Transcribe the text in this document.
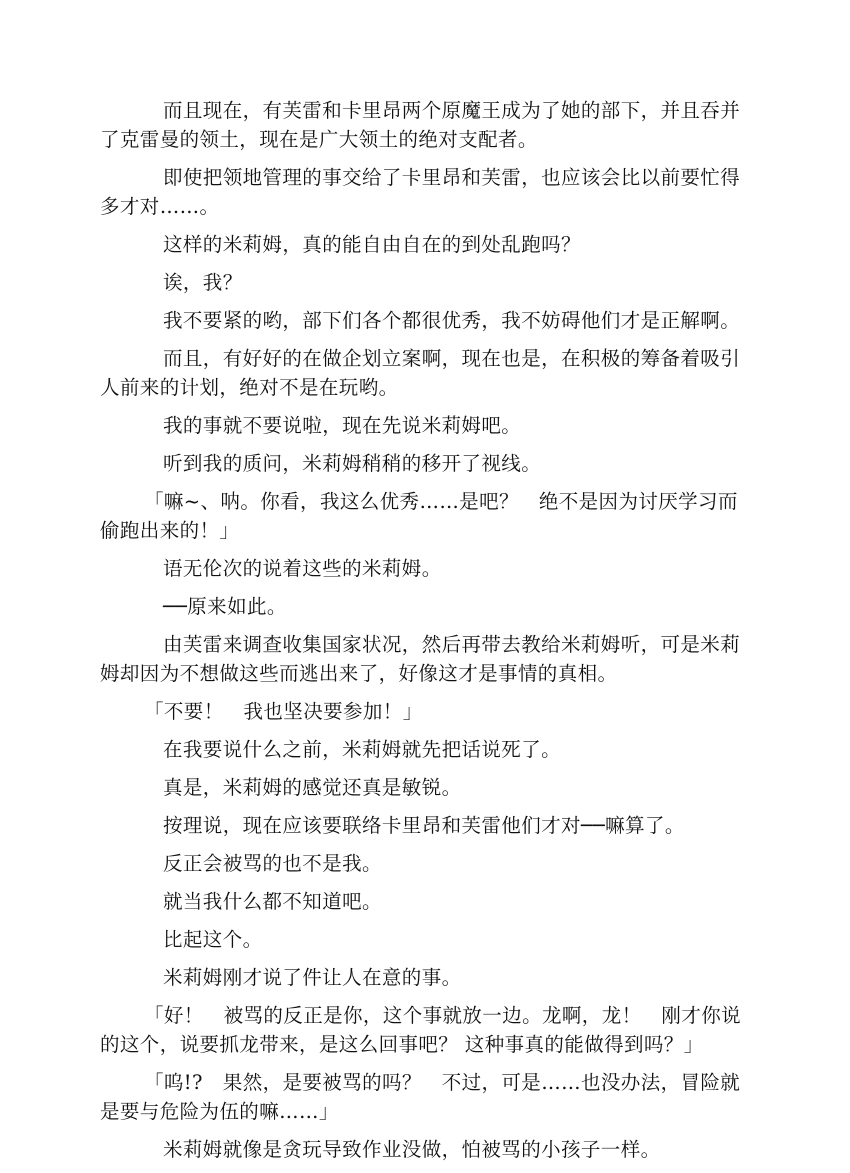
而且现在，有芙雷和卡里昂两个原魔王成为了她的部下，并且吞并了克雷曼的领土，现在是广大领土的绝对支配者。

即使把领地管理的事交给了卡里昂和芙雷，也应该会比以前要忙得多才对……。

这样的米莉姆，真的能自由自在的到处乱跑吗？

诶，我？

我不要紧的哟，部下们各个都很优秀，我不妨碍他们才是正解啊。

而且，有好好的在做企划立案啊，现在也是，在积极的筹备着吸引人前来的计划，绝对不是在玩哟。

我的事就不要说啦，现在先说米莉姆吧。

听到我的质问，米莉姆稍稍的移开了视线。

「嘛~、呐。你看，我这么优秀……是吧？　绝不是因为讨厌学习而偷跑出来的！」

语无伦次的说着这些的米莉姆。

──原来如此。

由芙雷来调查收集国家状况，然后再带去教给米莉姆听，可是米莉姆却因为不想做这些而逃出来了，好像这才是事情的真相。

「不要！　我也坚决要参加！」

在我要说什么之前，米莉姆就先把话说死了。

真是，米莉姆的感觉还真是敏锐。

按理说，现在应该要联络卡里昂和芙雷他们才对──嘛算了。

反正会被骂的也不是我。

就当我什么都不知道吧。

比起这个。

米莉姆刚才说了件让人在意的事。

「好！　被骂的反正是你，这个事就放一边。龙啊，龙！　刚才你说的这个，说要抓龙带来，是这么回事吧？ 这种事真的能做得到吗？」

「呜!?　果然，是要被骂的吗？　不过，可是……也没办法，冒险就是要与危险为伍的嘛……」

米莉姆就像是贪玩导致作业没做，怕被骂的小孩子一样。
